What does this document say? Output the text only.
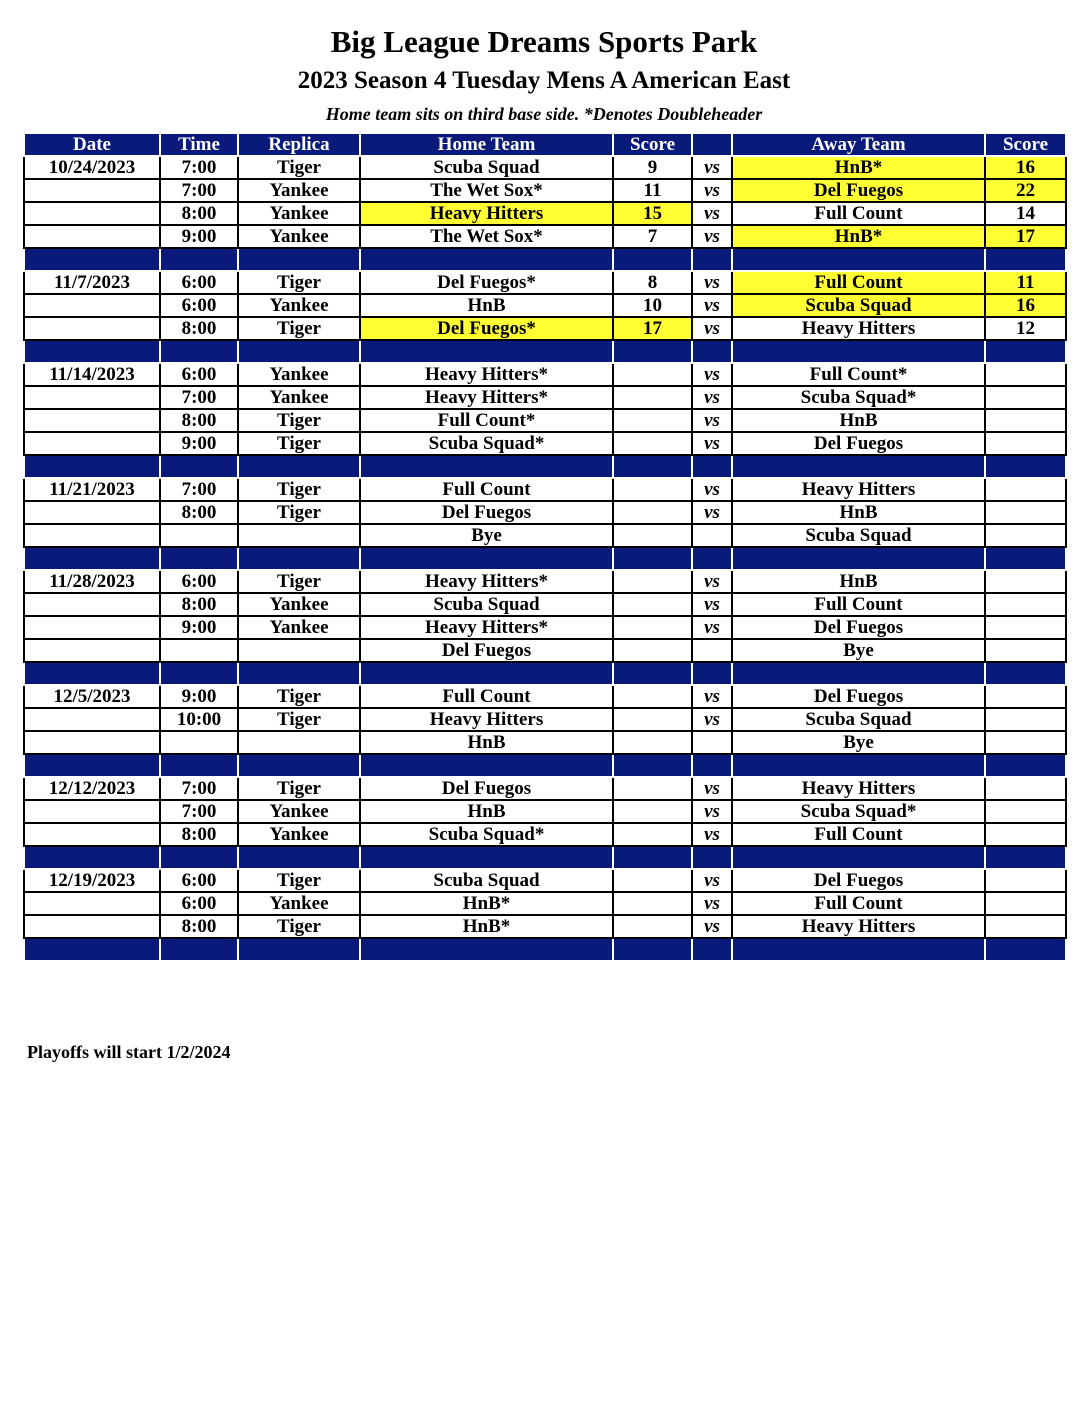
Big League Dreams Sports Park
2023 Season 4 Tuesday Mens A American East
Home team sits on third base side. *Denotes Doubleheader
Date	Time	Replica	Home Team	Score		Away Team	Score
10/24/2023	7:00	Tiger	Scuba Squad	9	vs	HnB*	16
	7:00	Yankee	The Wet Sox*	11	vs	Del Fuegos	22
	8:00	Yankee	Heavy Hitters	15	vs	Full Count	14
	9:00	Yankee	The Wet Sox*	7	vs	HnB*	17

11/7/2023	6:00	Tiger	Del Fuegos*	8	vs	Full Count	11
	6:00	Yankee	HnB	10	vs	Scuba Squad	16
	8:00	Tiger	Del Fuegos*	17	vs	Heavy Hitters	12

11/14/2023	6:00	Yankee	Heavy Hitters*		vs	Full Count*	
	7:00	Yankee	Heavy Hitters*		vs	Scuba Squad*	
	8:00	Tiger	Full Count*		vs	HnB	
	9:00	Tiger	Scuba Squad*		vs	Del Fuegos	

11/21/2023	7:00	Tiger	Full Count		vs	Heavy Hitters	
	8:00	Tiger	Del Fuegos		vs	HnB	
			Bye			Scuba Squad	

11/28/2023	6:00	Tiger	Heavy Hitters*		vs	HnB	
	8:00	Yankee	Scuba Squad		vs	Full Count	
	9:00	Yankee	Heavy Hitters*		vs	Del Fuegos	
			Del Fuegos			Bye	

12/5/2023	9:00	Tiger	Full Count		vs	Del Fuegos	
	10:00	Tiger	Heavy Hitters		vs	Scuba Squad	
			HnB			Bye	

12/12/2023	7:00	Tiger	Del Fuegos		vs	Heavy Hitters	
	7:00	Yankee	HnB		vs	Scuba Squad*	
	8:00	Yankee	Scuba Squad*		vs	Full Count	

12/19/2023	6:00	Tiger	Scuba Squad		vs	Del Fuegos	
	6:00	Yankee	HnB*		vs	Full Count	
	8:00	Tiger	HnB*		vs	Heavy Hitters	

Playoffs will start 1/2/2024
